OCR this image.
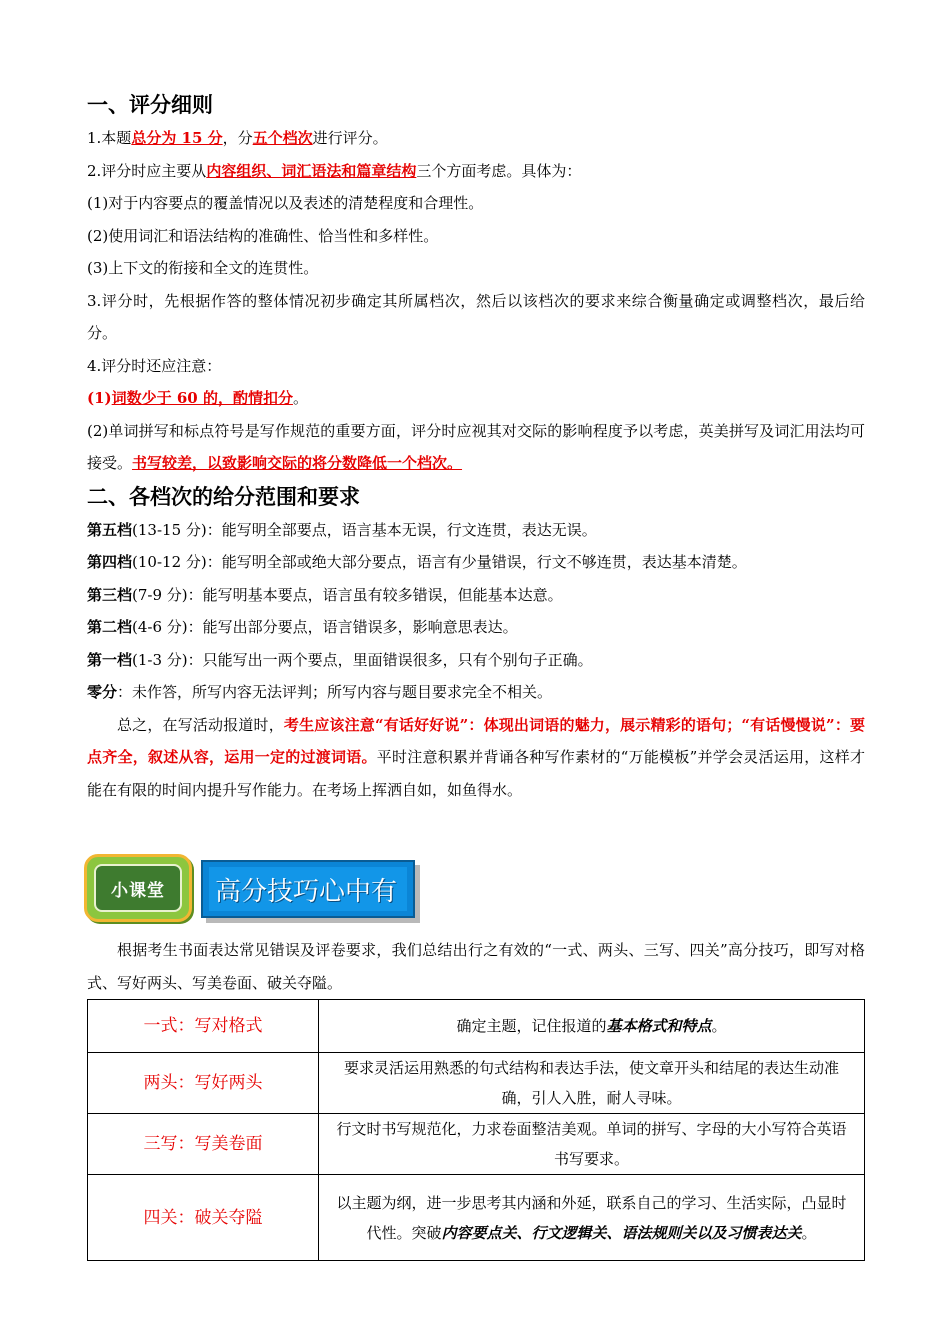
一、评分细则

1.本题总分为 15 分，分五个档次进行评分。

2.评分时应主要从内容组织、词汇语法和篇章结构三个方面考虑。具体为：

(1)对于内容要点的覆盖情况以及表述的清楚程度和合理性。

(2)使用词汇和语法结构的准确性、恰当性和多样性。

(3)上下文的衔接和全文的连贯性。

3.评分时，先根据作答的整体情况初步确定其所属档次，然后以该档次的要求来综合衡量确定或调整档次，最后给分。

4.评分时还应注意：

(1)词数少于 60 的，酌情扣分。

(2)单词拼写和标点符号是写作规范的重要方面，评分时应视其对交际的影响程度予以考虑，英美拼写及词汇用法均可接受。书写较差，以致影响交际的将分数降低一个档次。

二、各档次的给分范围和要求

第五档(13-15 分)：能写明全部要点，语言基本无误，行文连贯，表达无误。

第四档(10-12 分)：能写明全部或绝大部分要点，语言有少量错误，行文不够连贯，表达基本清楚。

第三档(7-9 分)：能写明基本要点，语言虽有较多错误，但能基本达意。

第二档(4-6 分)：能写出部分要点，语言错误多，影响意思表达。

第一档(1-3 分)：只能写出一两个要点，里面错误很多，只有个别句子正确。

零分：未作答，所写内容无法评判；所写内容与题目要求完全不相关。

总之，在写活动报道时，考生应该注意“有话好好说”：体现出词语的魅力，展示精彩的语句；“有话慢慢说”：要点齐全，叙述从容，运用一定的过渡词语。平时注意积累并背诵各种写作素材的“万能模板”并学会灵活运用，这样才能在有限的时间内提升写作能力。在考场上挥洒自如，如鱼得水。

小课堂	高分技巧心中有

根据考生书面表达常见错误及评卷要求，我们总结出行之有效的“一式、两头、三写、四关”高分技巧，即写对格式、写好两头、写美卷面、破关夺隘。

一式：写对格式	确定主题，记住报道的基本格式和特点。
两头：写好两头	要求灵活运用熟悉的句式结构和表达手法，使文章开头和结尾的表达生动准确，引人入胜，耐人寻味。
三写：写美卷面	行文时书写规范化，力求卷面整洁美观。单词的拼写、字母的大小写符合英语书写要求。
四关：破关夺隘	以主题为纲，进一步思考其内涵和外延，联系自己的学习、生活实际，凸显时代性。突破内容要点关、行文逻辑关、语法规则关以及习惯表达关。
